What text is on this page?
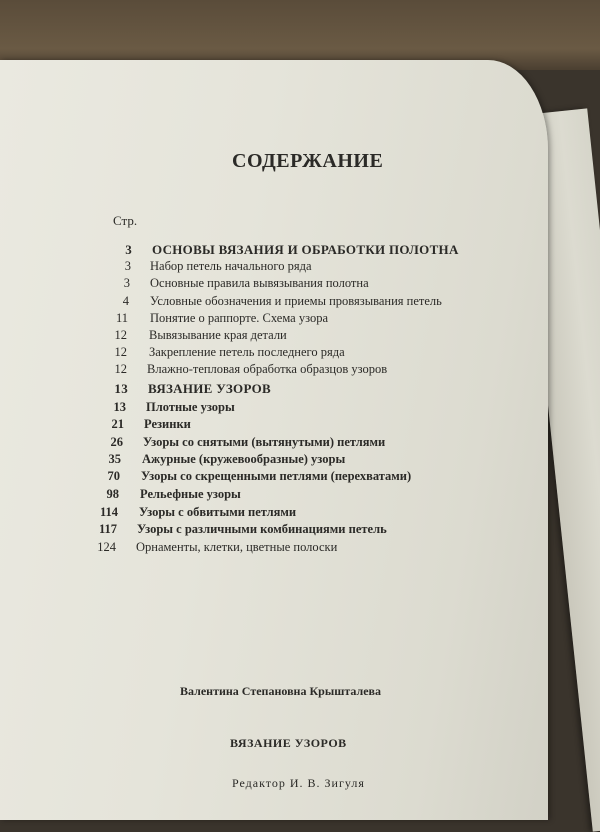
СОДЕРЖАНИЕ
Стр.
3 ОСНОВЫ ВЯЗАНИЯ И ОБРАБОТКИ ПОЛОТНА
3 Набор петель начального ряда
3 Основные правила вывязывания полотна
4 Условные обозначения и приемы провязывания петель
11 Понятие о раппорте. Схема узора
12 Вывязывание края детали
12 Закрепление петель последнего ряда
12 Влажно-тепловая обработка образцов узоров
13 ВЯЗАНИЕ УЗОРОВ
13 Плотные узоры
21 Резинки
26 Узоры со снятыми (вытянутыми) петлями
35 Ажурные (кружевообразные) узоры
70 Узоры со скрещенными петлями (перехватами)
98 Рельефные узоры
114 Узоры с обвитыми петлями
117 Узоры с различными комбинациями петель
124 Орнаменты, клетки, цветные полоски
Валентина Степановна Крышталева
ВЯЗАНИЕ УЗОРОВ
Редактор И. В. Зигуля
